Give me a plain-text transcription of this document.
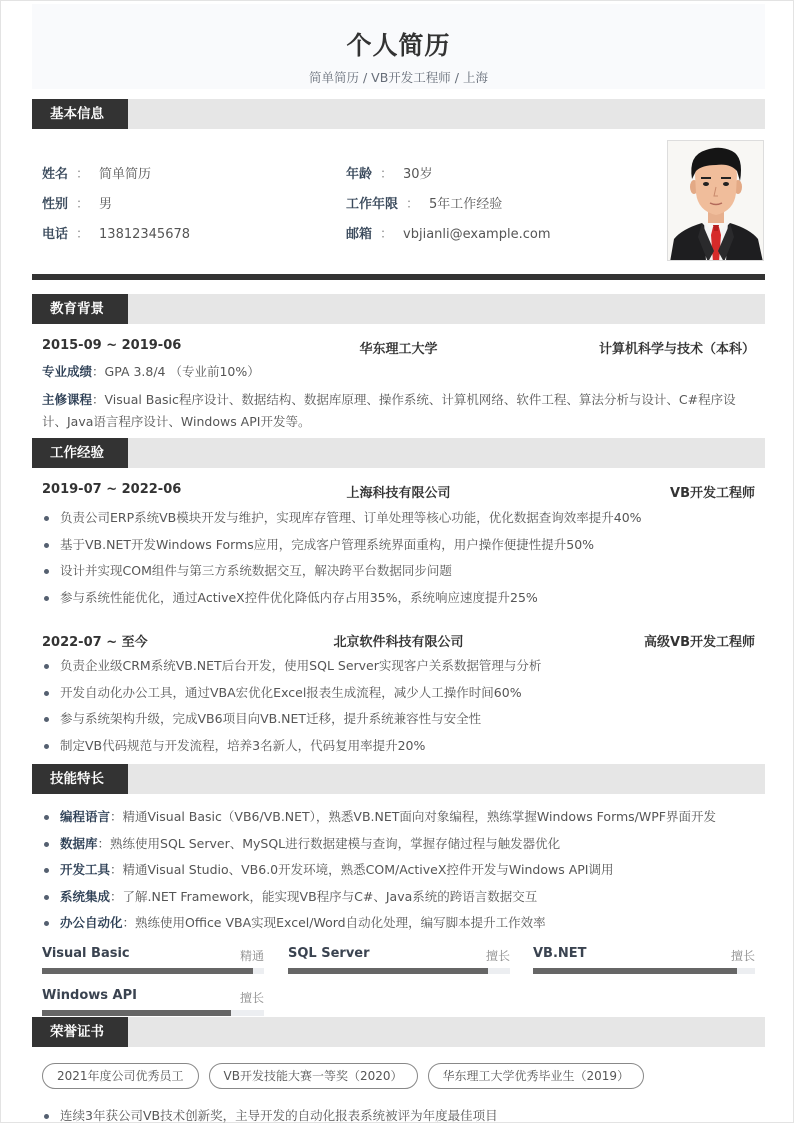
个人简历
简单简历 / VB开发工程师 / 上海
基本信息
姓名 ： 简单简历
性别 ： 男
电话 ： 13812345678
年龄 ： 30岁
工作年限 ： 5年工作经验
邮箱 ： vbjianli@example.com
教育背景
2015-09 ~ 2019-06	华东理工大学	计算机科学与技术（本科）
专业成绩：GPA 3.8/4 （专业前10%）
主修课程：Visual Basic程序设计、数据结构、数据库原理、操作系统、计算机网络、软件工程、算法分析与设计、C#程序设计、Java语言程序设计、Windows API开发等。
工作经验
2019-07 ~ 2022-06	上海科技有限公司	VB开发工程师
负责公司ERP系统VB模块开发与维护，实现库存管理、订单处理等核心功能，优化数据查询效率提升40%
基于VB.NET开发Windows Forms应用，完成客户管理系统界面重构，用户操作便捷性提升50%
设计并实现COM组件与第三方系统数据交互，解决跨平台数据同步问题
参与系统性能优化，通过ActiveX控件优化降低内存占用35%，系统响应速度提升25%
2022-07 ~ 至今	北京软件科技有限公司	高级VB开发工程师
负责企业级CRM系统VB.NET后台开发，使用SQL Server实现客户关系数据管理与分析
开发自动化办公工具，通过VBA宏优化Excel报表生成流程，减少人工操作时间60%
参与系统架构升级，完成VB6项目向VB.NET迁移，提升系统兼容性与安全性
制定VB代码规范与开发流程，培养3名新人，代码复用率提升20%
技能特长
编程语言：精通Visual Basic（VB6/VB.NET），熟悉VB.NET面向对象编程，熟练掌握Windows Forms/WPF界面开发
数据库：熟练使用SQL Server、MySQL进行数据建模与查询，掌握存储过程与触发器优化
开发工具：精通Visual Studio、VB6.0开发环境，熟悉COM/ActiveX控件开发与Windows API调用
系统集成：了解.NET Framework，能实现VB程序与C#、Java系统的跨语言数据交互
办公自动化：熟练使用Office VBA实现Excel/Word自动化处理，编写脚本提升工作效率
Visual Basic	精通 SQL Server	擅长 VB.NET	擅长
Windows API	擅长
荣誉证书
2021年度公司优秀员工	VB开发技能大赛一等奖（2020）	华东理工大学优秀毕业生（2019）
连续3年获公司VB技术创新奖，主导开发的自动化报表系统被评为年度最佳项目
